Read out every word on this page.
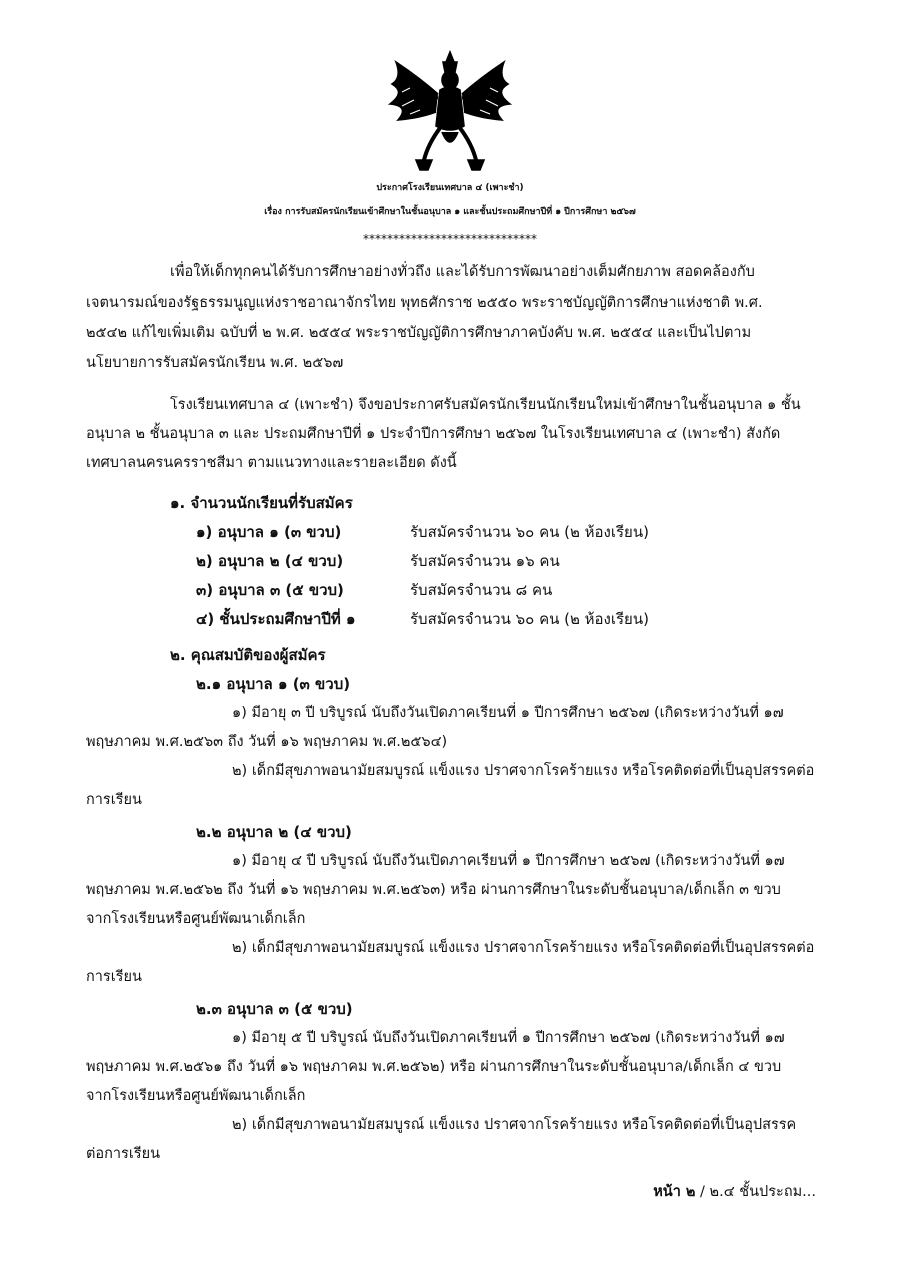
ประกาศโรงเรียนเทศบาล ๔ (เพาะชำ)
เรื่อง การรับสมัครนักเรียนเข้าศึกษาในชั้นอนุบาล ๑ และชั้นประถมศึกษาปีที่ ๑ ปีการศึกษา ๒๕๖๗
*****************************
เพื่อให้เด็กทุกคนได้รับการศึกษาอย่างทั่วถึง และได้รับการพัฒนาอย่างเต็มศักยภาพ สอดคล้องกับ
เจตนารมณ์ของรัฐธรรมนูญแห่งราชอาณาจักรไทย พุทธศักราช ๒๕๕๐ พระราชบัญญัติการศึกษาแห่งชาติ พ.ศ.
๒๕๔๒ แก้ไขเพิ่มเติม ฉบับที่ ๒ พ.ศ. ๒๕๕๔ พระราชบัญญัติการศึกษาภาคบังคับ พ.ศ. ๒๕๕๔ และเป็นไปตาม
นโยบายการรับสมัครนักเรียน พ.ศ. ๒๕๖๗
โรงเรียนเทศบาล ๔ (เพาะชำ) จึงขอประกาศรับสมัครนักเรียนนักเรียนใหม่เข้าศึกษาในชั้นอนุบาล ๑ ชั้น
อนุบาล ๒ ชั้นอนุบาล ๓ และ ประถมศึกษาปีที่ ๑ ประจำปีการศึกษา ๒๕๖๗ ในโรงเรียนเทศบาล ๔ (เพาะชำ) สังกัด
เทศบาลนครนครราชสีมา ตามแนวทางและรายละเอียด ดังนี้
๑. จำนวนนักเรียนที่รับสมัคร
๑) อนุบาล ๑ (๓ ขวบ)	รับสมัครจำนวน ๖๐ คน (๒ ห้องเรียน)
๒) อนุบาล ๒ (๔ ขวบ)	รับสมัครจำนวน ๑๖ คน
๓) อนุบาล ๓ (๕ ขวบ)	รับสมัครจำนวน ๘ คน
๔) ชั้นประถมศึกษาปีที่ ๑	รับสมัครจำนวน ๖๐ คน (๒ ห้องเรียน)
๒. คุณสมบัติของผู้สมัคร
๒.๑ อนุบาล ๑ (๓ ขวบ)
๑) มีอายุ ๓ ปี บริบูรณ์ นับถึงวันเปิดภาคเรียนที่ ๑ ปีการศึกษา ๒๕๖๗ (เกิดระหว่างวันที่ ๑๗
พฤษภาคม พ.ศ.๒๕๖๓ ถึง วันที่ ๑๖ พฤษภาคม พ.ศ.๒๕๖๔)
๒) เด็กมีสุขภาพอนามัยสมบูรณ์ แข็งแรง ปราศจากโรคร้ายแรง หรือโรคติดต่อที่เป็นอุปสรรคต่อ
การเรียน
๒.๒ อนุบาล ๒ (๔ ขวบ)
๑) มีอายุ ๔ ปี บริบูรณ์ นับถึงวันเปิดภาคเรียนที่ ๑ ปีการศึกษา ๒๕๖๗ (เกิดระหว่างวันที่ ๑๗
พฤษภาคม พ.ศ.๒๕๖๒ ถึง วันที่ ๑๖ พฤษภาคม พ.ศ.๒๕๖๓) หรือ ผ่านการศึกษาในระดับชั้นอนุบาล/เด็กเล็ก ๓ ขวบ
จากโรงเรียนหรือศูนย์พัฒนาเด็กเล็ก
๒) เด็กมีสุขภาพอนามัยสมบูรณ์ แข็งแรง ปราศจากโรคร้ายแรง หรือโรคติดต่อที่เป็นอุปสรรคต่อ
การเรียน
๒.๓ อนุบาล ๓ (๕ ขวบ)
๑) มีอายุ ๕ ปี บริบูรณ์ นับถึงวันเปิดภาคเรียนที่ ๑ ปีการศึกษา ๒๕๖๗ (เกิดระหว่างวันที่ ๑๗
พฤษภาคม พ.ศ.๒๕๖๑ ถึง วันที่ ๑๖ พฤษภาคม พ.ศ.๒๕๖๒) หรือ ผ่านการศึกษาในระดับชั้นอนุบาล/เด็กเล็ก ๔ ขวบ
จากโรงเรียนหรือศูนย์พัฒนาเด็กเล็ก
๒) เด็กมีสุขภาพอนามัยสมบูรณ์ แข็งแรง ปราศจากโรคร้ายแรง หรือโรคติดต่อที่เป็นอุปสรรค
ต่อการเรียน
หน้า ๒ / ๒.๔ ชั้นประถม...
